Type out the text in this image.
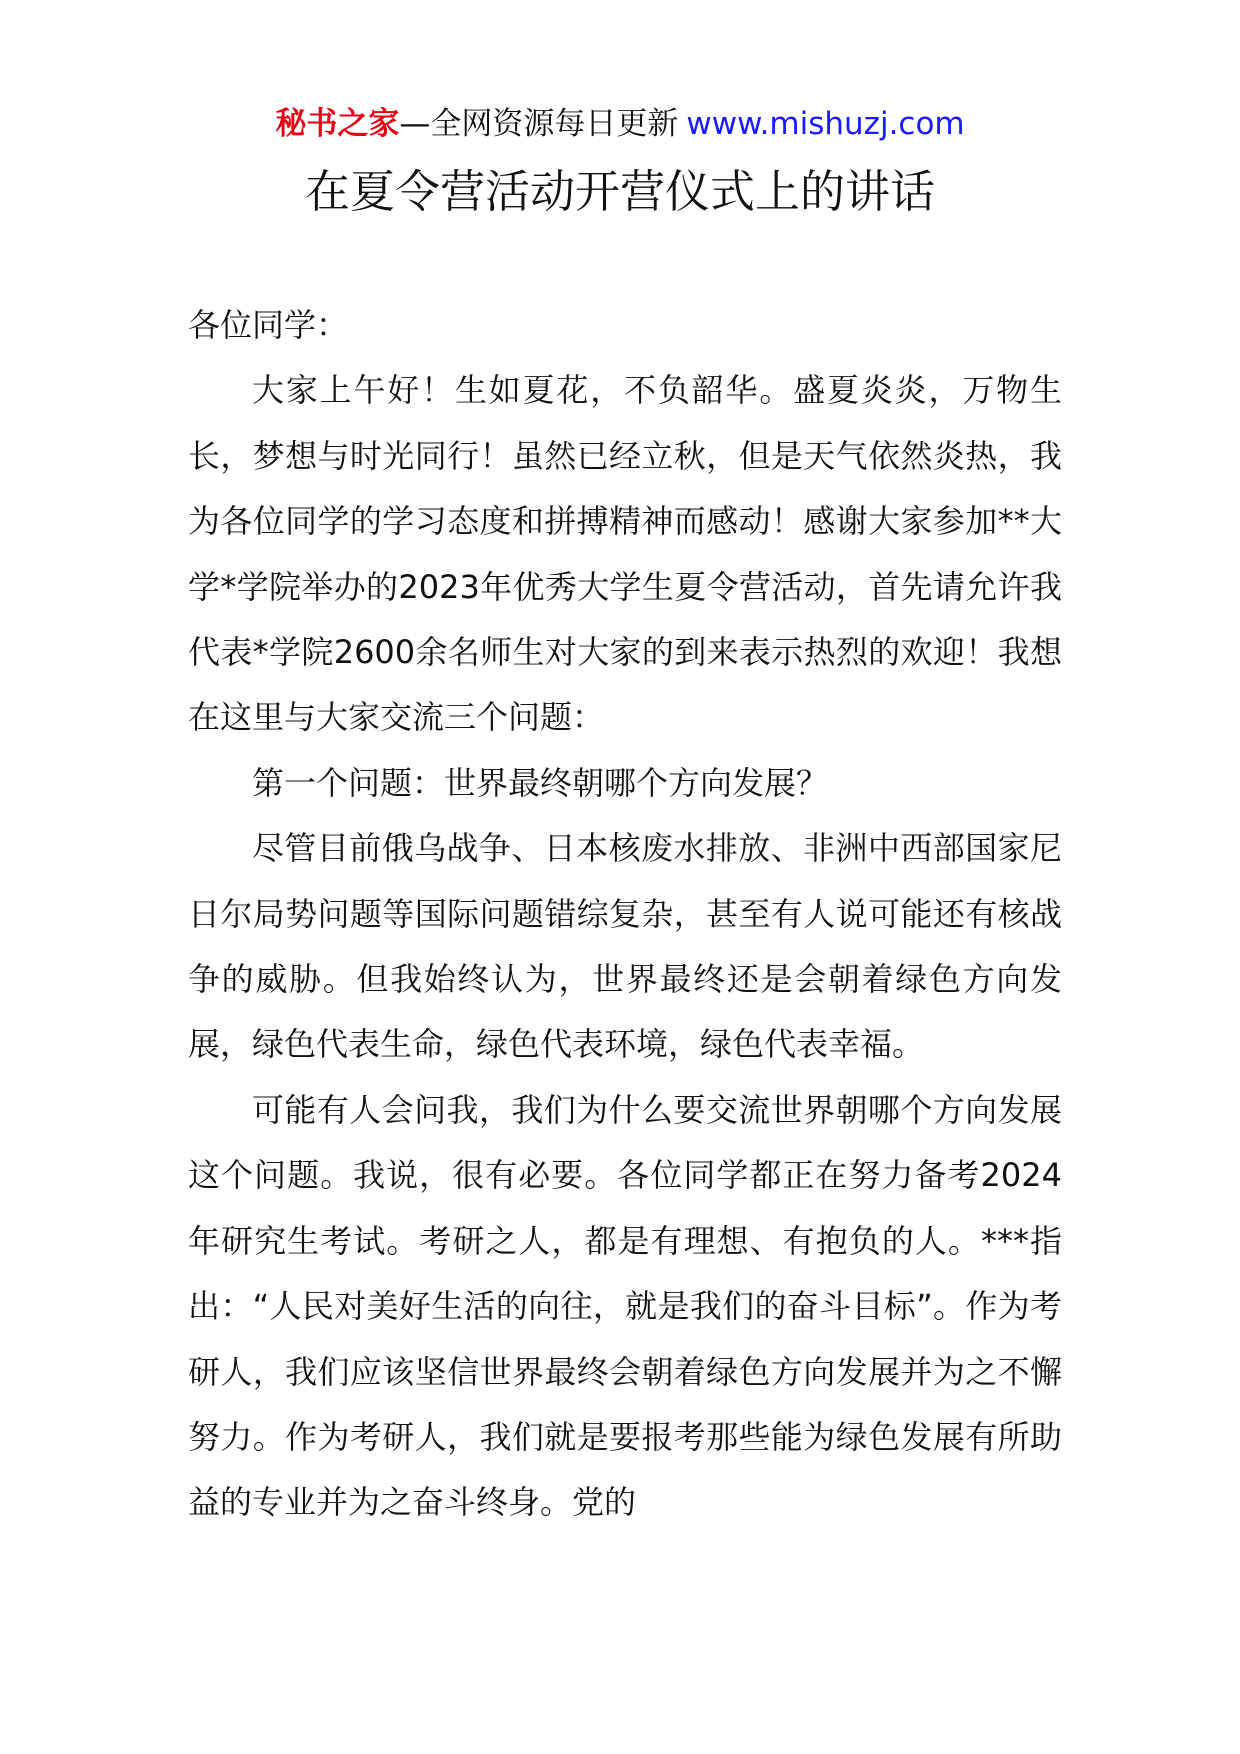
秘书之家—全网资源每日更新 www.mishuzj.com
在夏令营活动开营仪式上的讲话

各位同学：

大家上午好！生如夏花，不负韶华。盛夏炎炎，万物生长，梦想与时光同行！虽然已经立秋，但是天气依然炎热，我为各位同学的学习态度和拼搏精神而感动！感谢大家参加**大学*学院举办的2023年优秀大学生夏令营活动，首先请允许我代表*学院2600余名师生对大家的到来表示热烈的欢迎！我想在这里与大家交流三个问题：

第一个问题：世界最终朝哪个方向发展？

尽管目前俄乌战争、日本核废水排放、非洲中西部国家尼日尔局势问题等国际问题错综复杂，甚至有人说可能还有核战争的威胁。但我始终认为，世界最终还是会朝着绿色方向发展，绿色代表生命，绿色代表环境，绿色代表幸福。

可能有人会问我，我们为什么要交流世界朝哪个方向发展这个问题。我说，很有必要。各位同学都正在努力备考2024年研究生考试。考研之人，都是有理想、有抱负的人。***指出：“人民对美好生活的向往，就是我们的奋斗目标”。作为考研人，我们应该坚信世界最终会朝着绿色方向发展并为之不懈努力。作为考研人，我们就是要报考那些能为绿色发展有所助益的专业并为之奋斗终身。党的
